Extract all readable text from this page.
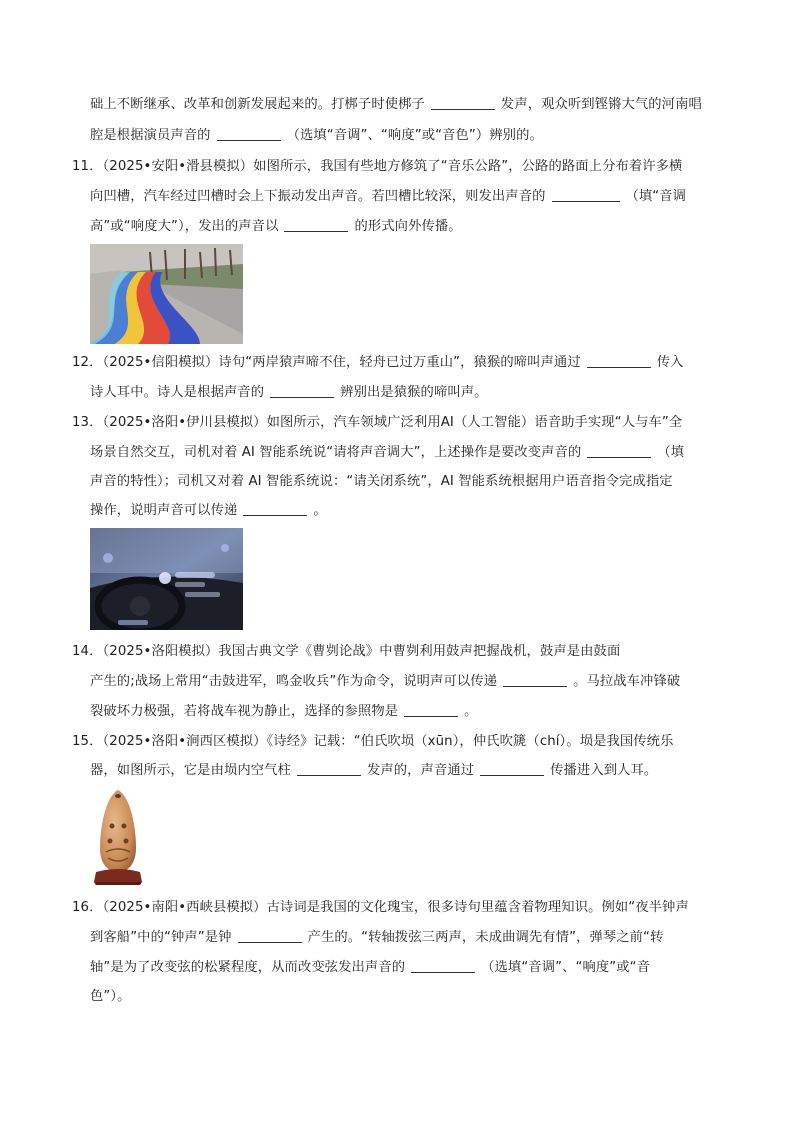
础上不断继承、改革和创新发展起来的。打梆子时使梆子	发声，观众听到铿锵大气的河南唱
腔是根据演员声音的	（选填“音调”、“响度”或“音色”）辨别的。
11．（2025•安阳•滑县模拟）如图所示，我国有些地方修筑了“音乐公路”，公路的路面上分布着许多横
向凹槽，汽车经过凹槽时会上下振动发出声音。若凹槽比较深，则发出声音的	（填“音调
高”或“响度大”），发出的声音以	的形式向外传播。
12．（2025•信阳模拟）诗句“两岸猿声啼不住，轻舟已过万重山”，猿猴的啼叫声通过	传入
诗人耳中。诗人是根据声音的	辨别出是猿猴的啼叫声。
13．（2025•洛阳•伊川县模拟）如图所示，汽车领域广泛利用AI（人工智能）语音助手实现“人与车”全
场景自然交互，司机对着 AI 智能系统说“请将声音调大”，上述操作是要改变声音的	（填
声音的特性）；司机又对着 AI 智能系统说：“请关闭系统”，AI 智能系统根据用户语音指令完成指定
操作，说明声音可以传递	。
14．（2025•洛阳模拟）我国古典文学《曹刿论战》中曹刿利用鼓声把握战机，鼓声是由鼓面
产生的;战场上常用“击鼓进军，鸣金收兵”作为命令，说明声可以传递	。马拉战车冲锋破
裂破坏力极强，若将战车视为静止，选择的参照物是	。
15．（2025•洛阳•涧西区模拟）《诗经》记载：“伯氏吹埙（xūn），仲氏吹篪（chí）。埙是我国传统乐
器，如图所示，它是由埙内空气柱	发声的，声音通过	传播进入到人耳。
16．（2025•南阳•西峡县模拟）古诗词是我国的文化瑰宝，很多诗句里蕴含着物理知识。例如“夜半钟声
到客船”中的“钟声”是钟	产生的。“转轴拨弦三两声，未成曲调先有情”，弹琴之前“转
轴”是为了改变弦的松紧程度，从而改变弦发出声音的	（选填“音调”、“响度”或“音
色”）。
